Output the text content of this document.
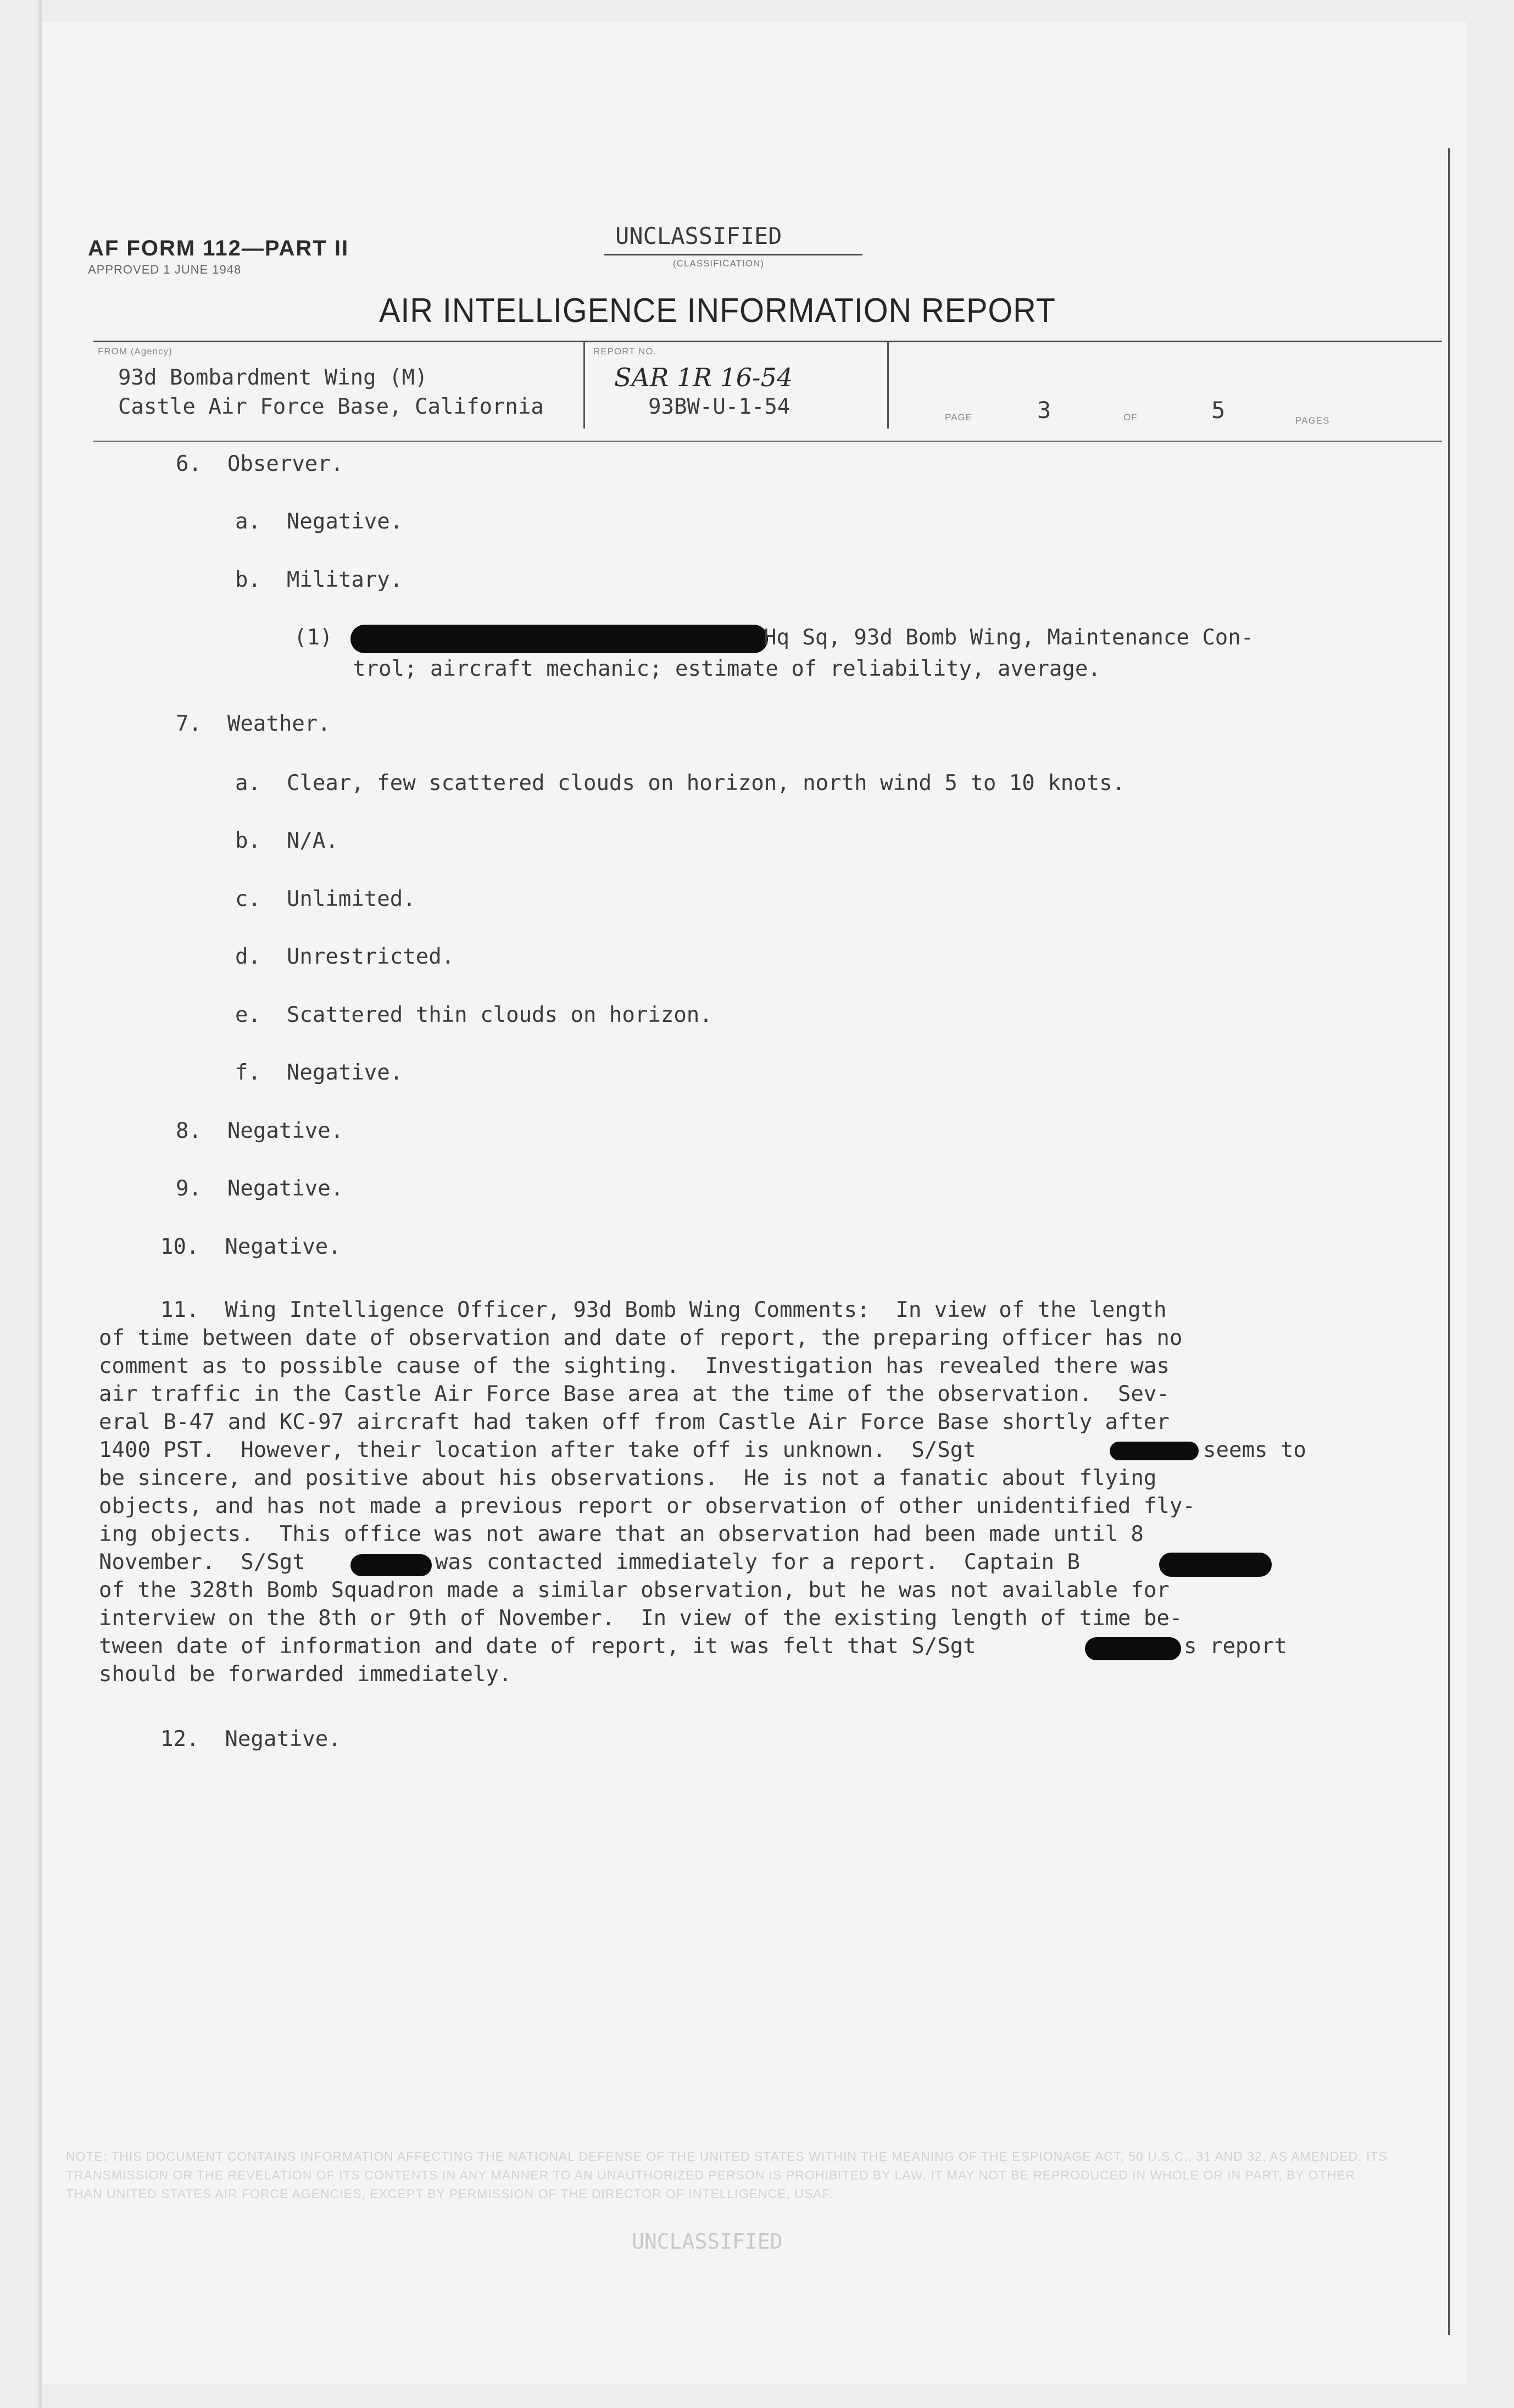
AF FORM 112—PART II
APPROVED 1 JUNE 1948
UNCLASSIFIED
(CLASSIFICATION)
AIR INTELLIGENCE INFORMATION REPORT
FROM (Agency)
93d Bombardment Wing (M)
Castle Air Force Base, California
REPORT NO.
SAR 1R 16-54
93BW-U-1-54	PAGE	3	OF	5	PAGES
6.  Observer.
a.  Negative.
b.  Military.
(1)	Hq Sq, 93d Bomb Wing, Maintenance Con-
trol; aircraft mechanic; estimate of reliability, average.
7.  Weather.
a.  Clear, few scattered clouds on horizon, north wind 5 to 10 knots.
b.  N/A.
c.  Unlimited.
d.  Unrestricted.
e.  Scattered thin clouds on horizon.
f.  Negative.
8.  Negative.
9.  Negative.
10.  Negative.
11.  Wing Intelligence Officer, 93d Bomb Wing Comments:  In view of the length
of time between date of observation and date of report, the preparing officer has no
comment as to possible cause of the sighting.  Investigation has revealed there was
air traffic in the Castle Air Force Base area at the time of the observation.  Sev-
eral B-47 and KC-97 aircraft had taken off from Castle Air Force Base shortly after
1400 PST.  However, their location after take off is unknown.  S/Sgt	seems to
be sincere, and positive about his observations.  He is not a fanatic about flying
objects, and has not made a previous report or observation of other unidentified fly-
ing objects.  This office was not aware that an observation had been made until 8
November.  S/Sgt	was contacted immediately for a report.  Captain B
of the 328th Bomb Squadron made a similar observation, but he was not available for
interview on the 8th or 9th of November.  In view of the existing length of time be-
tween date of information and date of report, it was felt that S/Sgt	s report
should be forwarded immediately.
12.  Negative.
NOTE: THIS DOCUMENT CONTAINS INFORMATION AFFECTING THE NATIONAL DEFENSE OF THE UNITED STATES WITHIN THE MEANING OF THE ESPIONAGE ACT, 50 U.S.C., 31 AND 32, AS AMENDED. ITS TRANSMISSION OR THE REVELATION OF ITS CONTENTS IN ANY MANNER TO AN UNAUTHORIZED PERSON IS PROHIBITED BY LAW. IT MAY NOT BE REPRODUCED IN WHOLE OR IN PART, BY OTHER THAN UNITED STATES AIR FORCE AGENCIES, EXCEPT BY PERMISSION OF THE DIRECTOR OF INTELLIGENCE, USAF.
UNCLASSIFIED
